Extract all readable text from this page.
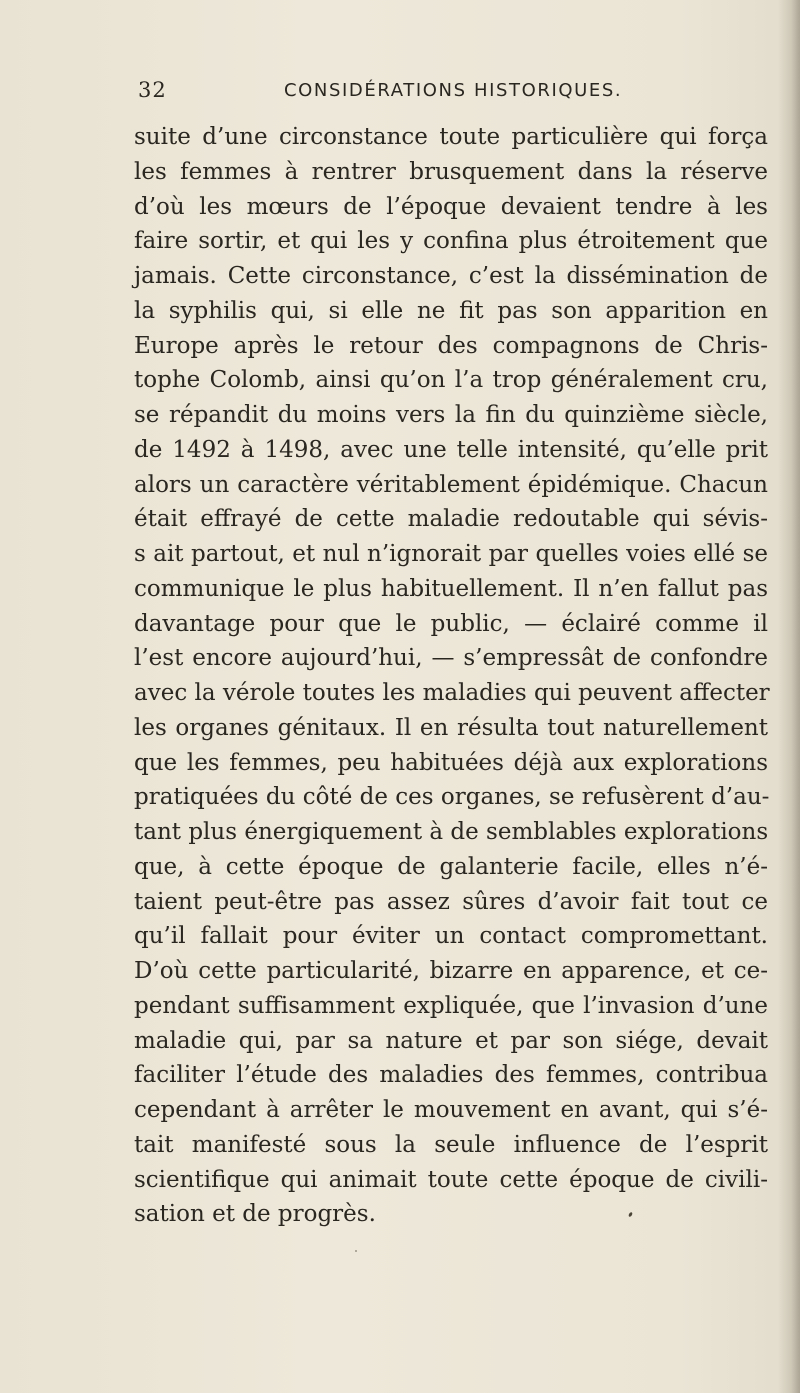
32	CONSIDÉRATIONS HISTORIQUES.
suite d’une circonstance toute particulière qui força
les femmes à rentrer brusquement dans la réserve
d’où les mœurs de l’époque devaient tendre à les
faire sortir, et qui les y confina plus étroitement que
jamais. Cette circonstance, c’est la dissémination de
la syphilis qui, si elle ne fit pas son apparition en
Europe après le retour des compagnons de Chris-
tophe Colomb, ainsi qu’on l’a trop généralement cru,
se répandit du moins vers la fin du quinzième siècle,
de 1492 à 1498, avec une telle intensité, qu’elle prit
alors un caractère véritablement épidémique. Chacun
était effrayé de cette maladie redoutable qui sévis-
s ait partout, et nul n’ignorait par quelles voies ellé se
communique le plus habituellement. Il n’en fallut pas
davantage pour que le public, — éclairé comme il
l’est encore aujourd’hui, — s’empressât de confondre
avec la vérole toutes les maladies qui peuvent affecter
les organes génitaux. Il en résulta tout naturellement
que les femmes, peu habituées déjà aux explorations
pratiquées du côté de ces organes, se refusèrent d’au-
tant plus énergiquement à de semblables explorations
que, à cette époque de galanterie facile, elles n’é-
taient peut-être pas assez sûres d’avoir fait tout ce
qu’il fallait pour éviter un contact compromettant.
D’où cette particularité, bizarre en apparence, et ce-
pendant suffisamment expliquée, que l’invasion d’une
maladie qui, par sa nature et par son siége, devait
faciliter l’étude des maladies des femmes, contribua
cependant à arrêter le mouvement en avant, qui s’é-
tait manifesté sous la seule influence de l’esprit
scientifique qui animait toute cette époque de civili-
sation et de progrès.
